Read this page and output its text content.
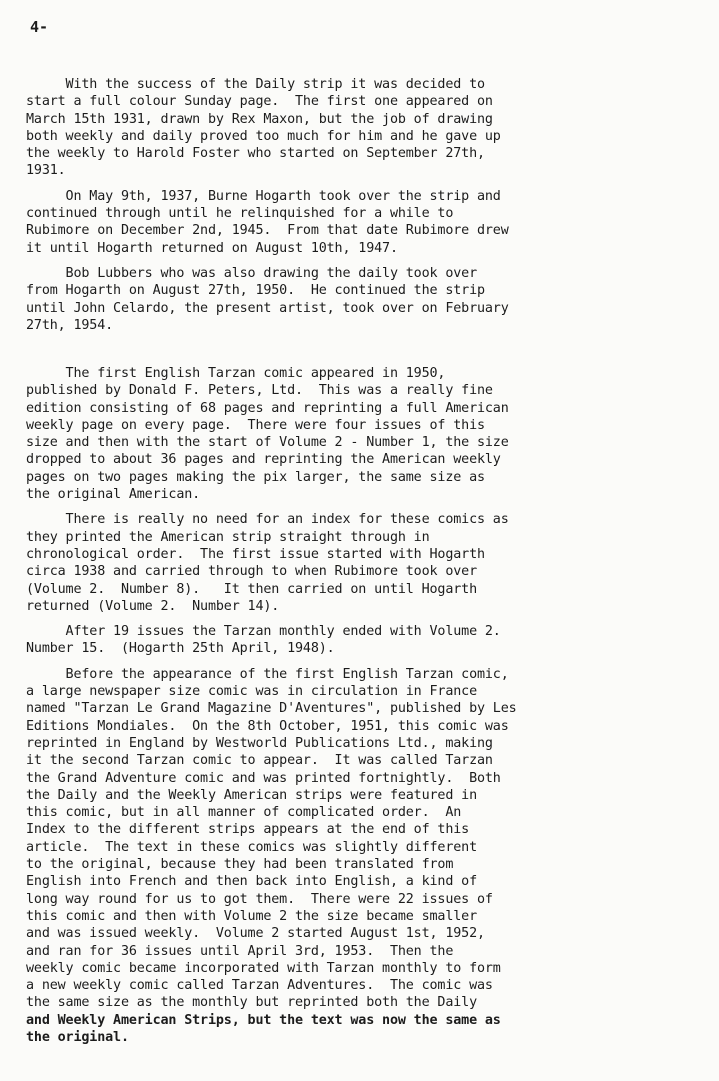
4-

With the success of the Daily strip it was decided to
start a full colour Sunday page.  The first one appeared on
March 15th 1931, drawn by Rex Maxon, but the job of drawing
both weekly and daily proved too much for him and he gave up
the weekly to Harold Foster who started on September 27th,
1931.

On May 9th, 1937, Burne Hogarth took over the strip and
continued through until he relinquished for a while to
Rubimore on December 2nd, 1945.  From that date Rubimore drew
it until Hogarth returned on August 10th, 1947.

Bob Lubbers who was also drawing the daily took over
from Hogarth on August 27th, 1950.  He continued the strip
until John Celardo, the present artist, took over on February
27th, 1954.

The first English Tarzan comic appeared in 1950,
published by Donald F. Peters, Ltd.  This was a really fine
edition consisting of 68 pages and reprinting a full American
weekly page on every page.  There were four issues of this
size and then with the start of Volume 2 - Number 1, the size
dropped to about 36 pages and reprinting the American weekly
pages on two pages making the pix larger, the same size as
the original American.

There is really no need for an index for these comics as
they printed the American strip straight through in
chronological order.  The first issue started with Hogarth
circa 1938 and carried through to when Rubimore took over
(Volume 2.  Number 8).   It then carried on until Hogarth
returned (Volume 2.  Number 14).

After 19 issues the Tarzan monthly ended with Volume 2.
Number 15.  (Hogarth 25th April, 1948).

Before the appearance of the first English Tarzan comic,
a large newspaper size comic was in circulation in France
named "Tarzan Le Grand Magazine D'Aventures", published by Les
Editions Mondiales.  On the 8th October, 1951, this comic was
reprinted in England by Westworld Publications Ltd., making
it the second Tarzan comic to appear.  It was called Tarzan
the Grand Adventure comic and was printed fortnightly.  Both
the Daily and the Weekly American strips were featured in
this comic, but in all manner of complicated order.  An
Index to the different strips appears at the end of this
article.  The text in these comics was slightly different
to the original, because they had been translated from
English into French and then back into English, a kind of
long way round for us to got them.  There were 22 issues of
this comic and then with Volume 2 the size became smaller
and was issued weekly.  Volume 2 started August 1st, 1952,
and ran for 36 issues until April 3rd, 1953.  Then the
weekly comic became incorporated with Tarzan monthly to form
a new weekly comic called Tarzan Adventures.  The comic was
the same size as the monthly but reprinted both the Daily
and Weekly American Strips, but the text was now the same as
the original.
